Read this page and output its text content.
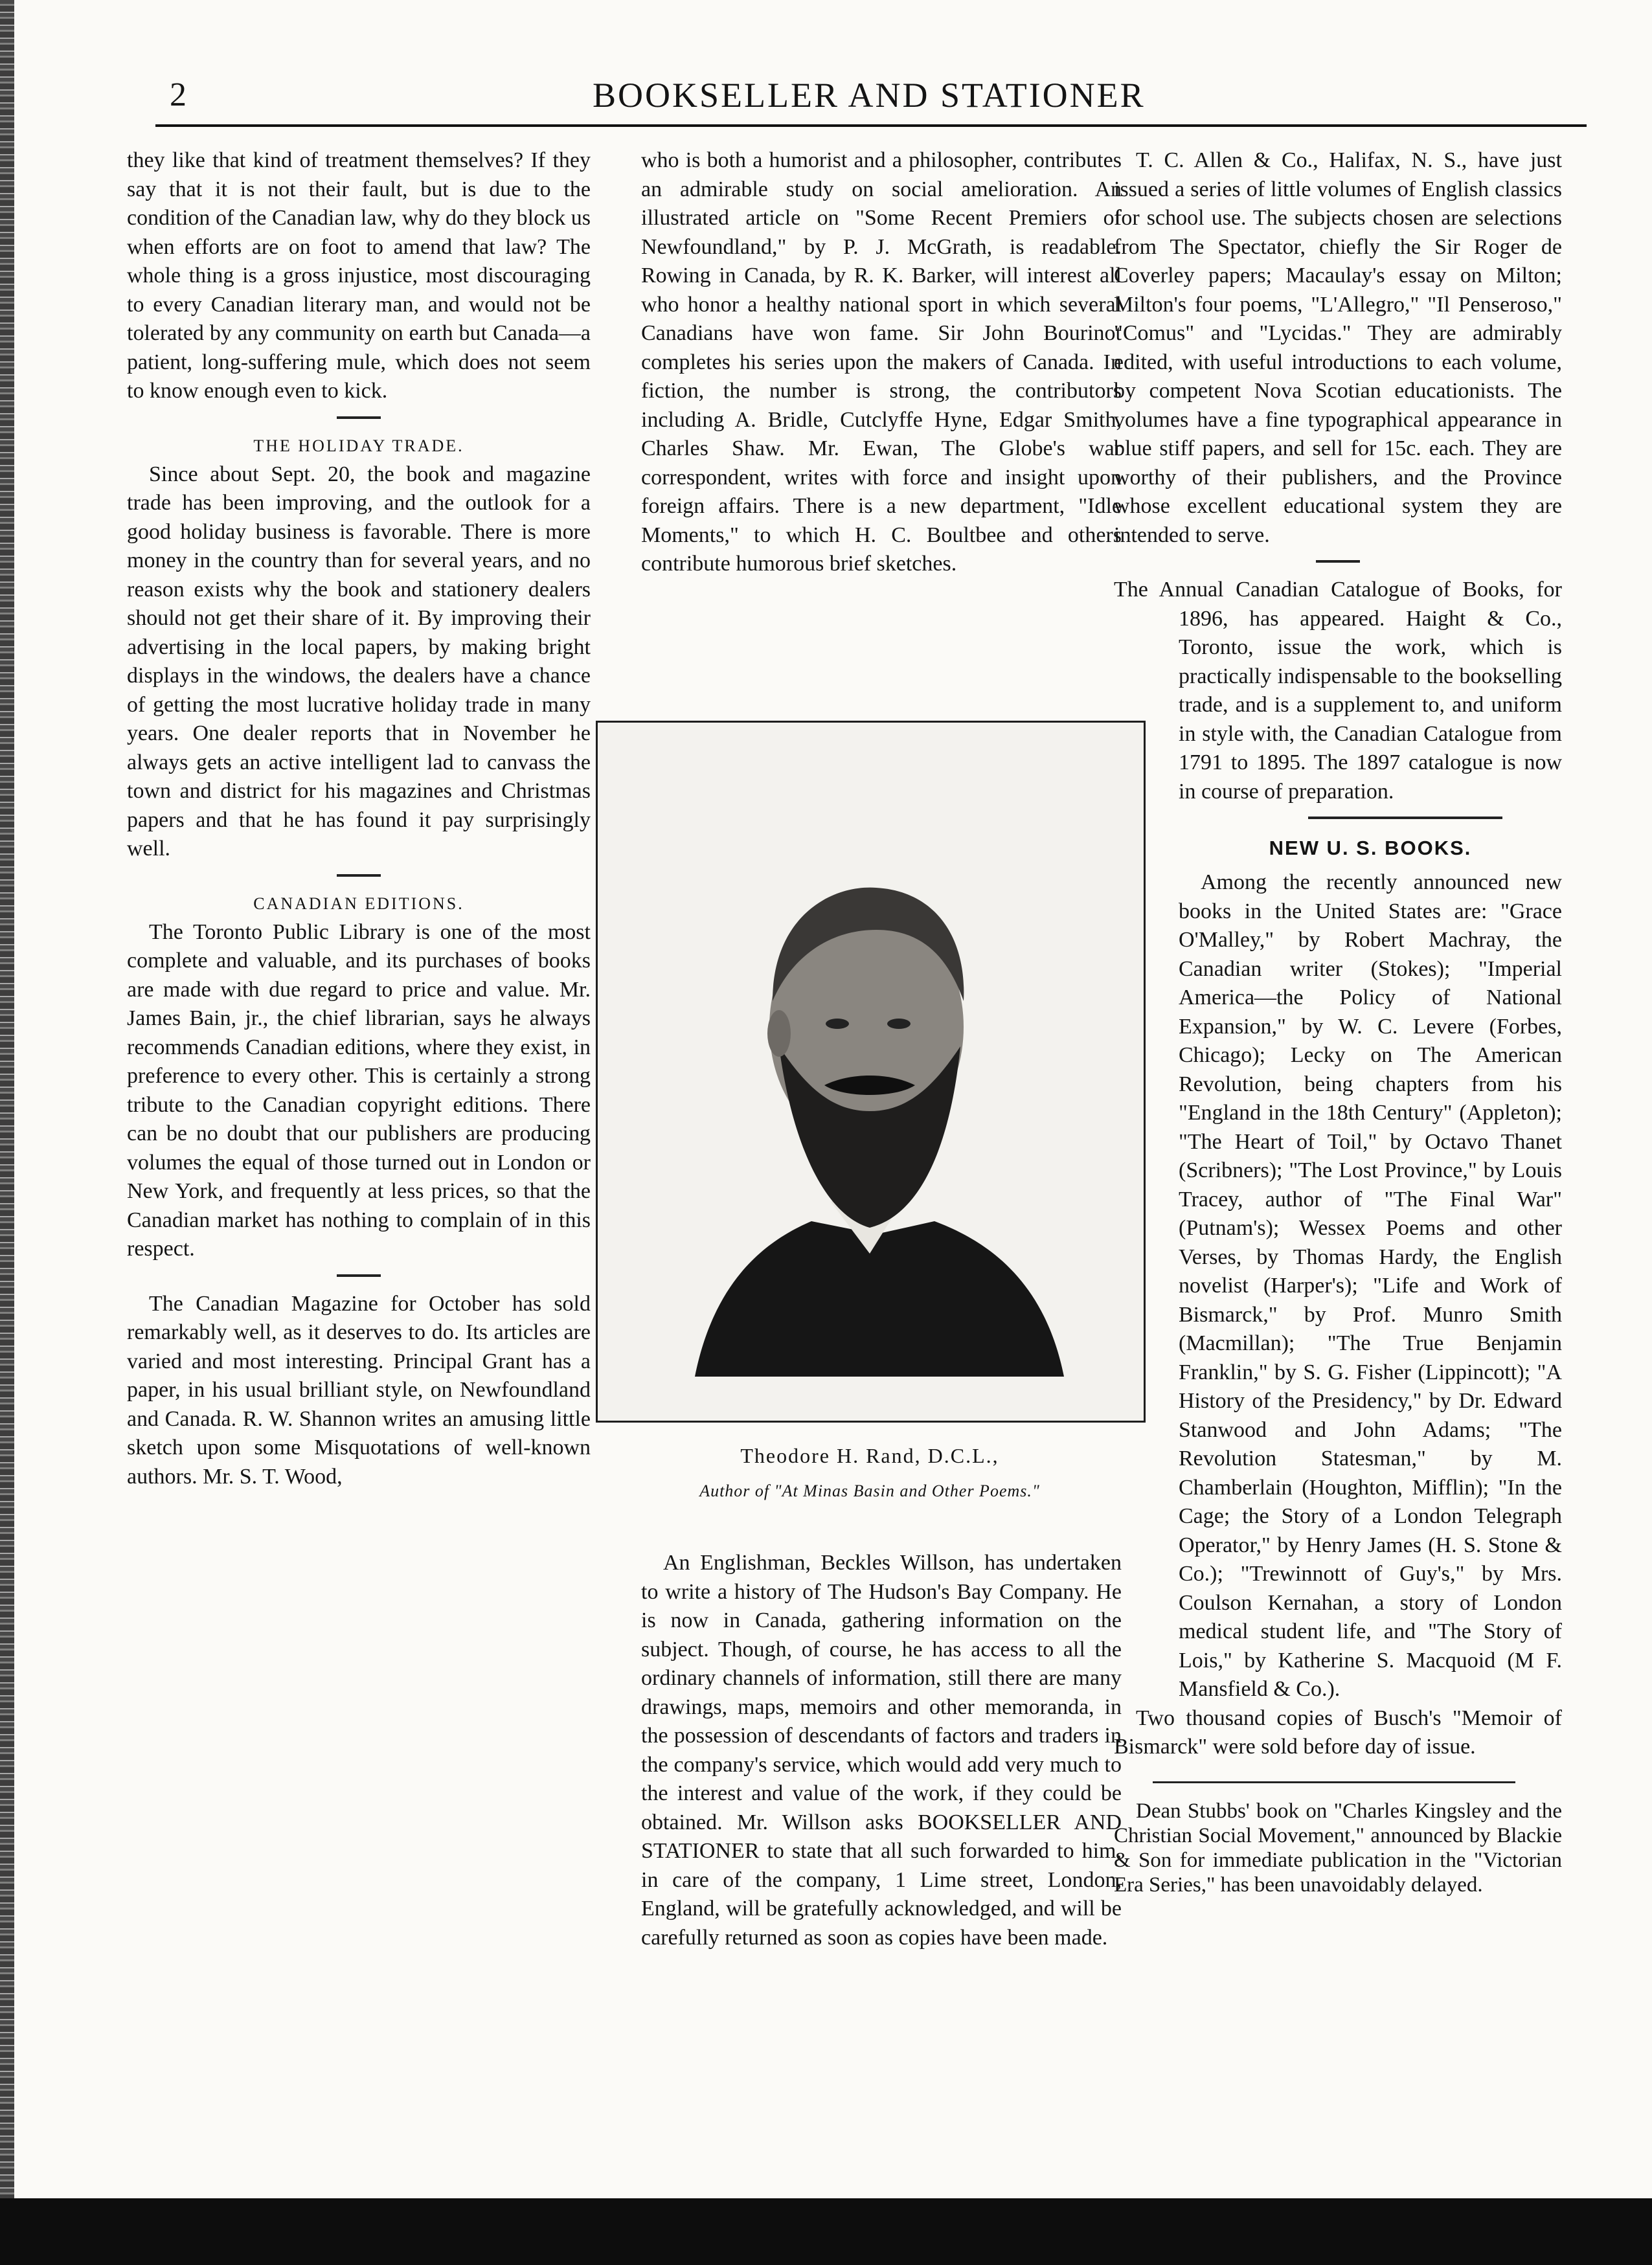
2	BOOKSELLER AND STATIONER

they like that kind of treatment themselves? If they say that it is not their fault, but is due to the condition of the Canadian law, why do they block us when efforts are on foot to amend that law? The whole thing is a gross injustice, most discouraging to every Canadian literary man, and would not be tolerated by any community on earth but Canada—a patient, long-suffering mule, which does not seem to know enough even to kick.

THE HOLIDAY TRADE.

Since about Sept. 20, the book and magazine trade has been improving, and the outlook for a good holiday business is favorable. There is more money in the country than for several years, and no reason exists why the book and stationery dealers should not get their share of it. By improving their advertising in the local papers, by making bright displays in the windows, the dealers have a chance of getting the most lucrative holiday trade in many years. One dealer reports that in November he always gets an active intelligent lad to canvass the town and district for his magazines and Christmas papers and that he has found it pay surprisingly well.

CANADIAN EDITIONS.

The Toronto Public Library is one of the most complete and valuable, and its purchases of books are made with due regard to price and value. Mr. James Bain, jr., the chief librarian, says he always recommends Canadian editions, where they exist, in preference to every other. This is certainly a strong tribute to the Canadian copyright editions. There can be no doubt that our publishers are producing volumes the equal of those turned out in London or New York, and frequently at less prices, so that the Canadian market has nothing to complain of in this respect.

The Canadian Magazine for October has sold remarkably well, as it deserves to do. Its articles are varied and most interesting. Principal Grant has a paper, in his usual brilliant style, on Newfoundland and Canada. R. W. Shannon writes an amusing little sketch upon some Misquotations of well-known authors. Mr. S. T. Wood,

who is both a humorist and a philosopher, contributes an admirable study on social amelioration. An illustrated article on "Some Recent Premiers of Newfoundland," by P. J. McGrath, is readable. Rowing in Canada, by R. K. Barker, will interest all who honor a healthy national sport in which several Canadians have won fame. Sir John Bourinot completes his series upon the makers of Canada. In fiction, the number is strong, the contributors including A. Bridle, Cutclyffe Hyne, Edgar Smith, Charles Shaw. Mr. Ewan, The Globe's war correspondent, writes with force and insight upon foreign affairs. There is a new department, "Idle Moments," to which H. C. Boultbee and others contribute humorous brief sketches.

Theodore H. Rand, D.C.L.,
Author of "At Minas Basin and Other Poems."

An Englishman, Beckles Willson, has undertaken to write a history of The Hudson's Bay Company. He is now in Canada, gathering information on the subject. Though, of course, he has access to all the ordinary channels of information, still there are many drawings, maps, memoirs and other memoranda, in the possession of descendants of factors and traders in the company's service, which would add very much to the interest and value of the work, if they could be obtained. Mr. Willson asks BOOKSELLER AND STATIONER to state that all such forwarded to him, in care of the company, 1 Lime street, London, England, will be gratefully acknowledged, and will be carefully returned as soon as copies have been made.

T. C. Allen & Co., Halifax, N. S., have just issued a series of little volumes of English classics for school use. The subjects chosen are selections from The Spectator, chiefly the Sir Roger de Coverley papers; Macaulay's essay on Milton; Milton's four poems, "L'Allegro," "Il Penseroso," "Comus" and "Lycidas." They are admirably edited, with useful introductions to each volume, by competent Nova Scotian educationists. The volumes have a fine typographical appearance in blue stiff papers, and sell for 15c. each. They are worthy of their publishers, and the Province whose excellent educational system they are intended to serve.

The Annual Canadian Catalogue of Books, for 1896, has appeared. Haight & Co., Toronto, issue the work, which is practically indispensable to the bookselling trade, and is a supplement to, and uniform in style with, the Canadian Catalogue from 1791 to 1895. The 1897 catalogue is now in course of preparation.

NEW U. S. BOOKS.

Among the recently announced new books in the United States are: "Grace O'Malley," by Robert Machray, the Canadian writer (Stokes); "Imperial America—the Policy of National Expansion," by W. C. Levere (Forbes, Chicago); Lecky on The American Revolution, being chapters from his "England in the 18th Century" (Appleton); "The Heart of Toil," by Octavo Thanet (Scribners); "The Lost Province," by Louis Tracey, author of "The Final War" (Putnam's); Wessex Poems and other Verses, by Thomas Hardy, the English novelist (Harper's); "Life and Work of Bismarck," by Prof. Munro Smith (Macmillan); "The True Benjamin Franklin," by S. G. Fisher (Lippincott); "A History of the Presidency," by Dr. Edward Stanwood and John Adams; "The Revolution Statesman," by M. Chamberlain (Houghton, Mifflin); "In the Cage; the Story of a London Telegraph Operator," by Henry James (H. S. Stone & Co.); "Trewinnott of Guy's," by Mrs. Coulson Kernahan, a story of London medical student life, and "The Story of Lois," by Katherine S. Macquoid (M F. Mansfield & Co.).

Two thousand copies of Busch's "Memoir of Bismarck" were sold before day of issue.

Dean Stubbs' book on "Charles Kingsley and the Christian Social Movement," announced by Blackie & Son for immediate publication in the "Victorian Era Series," has been unavoidably delayed.
